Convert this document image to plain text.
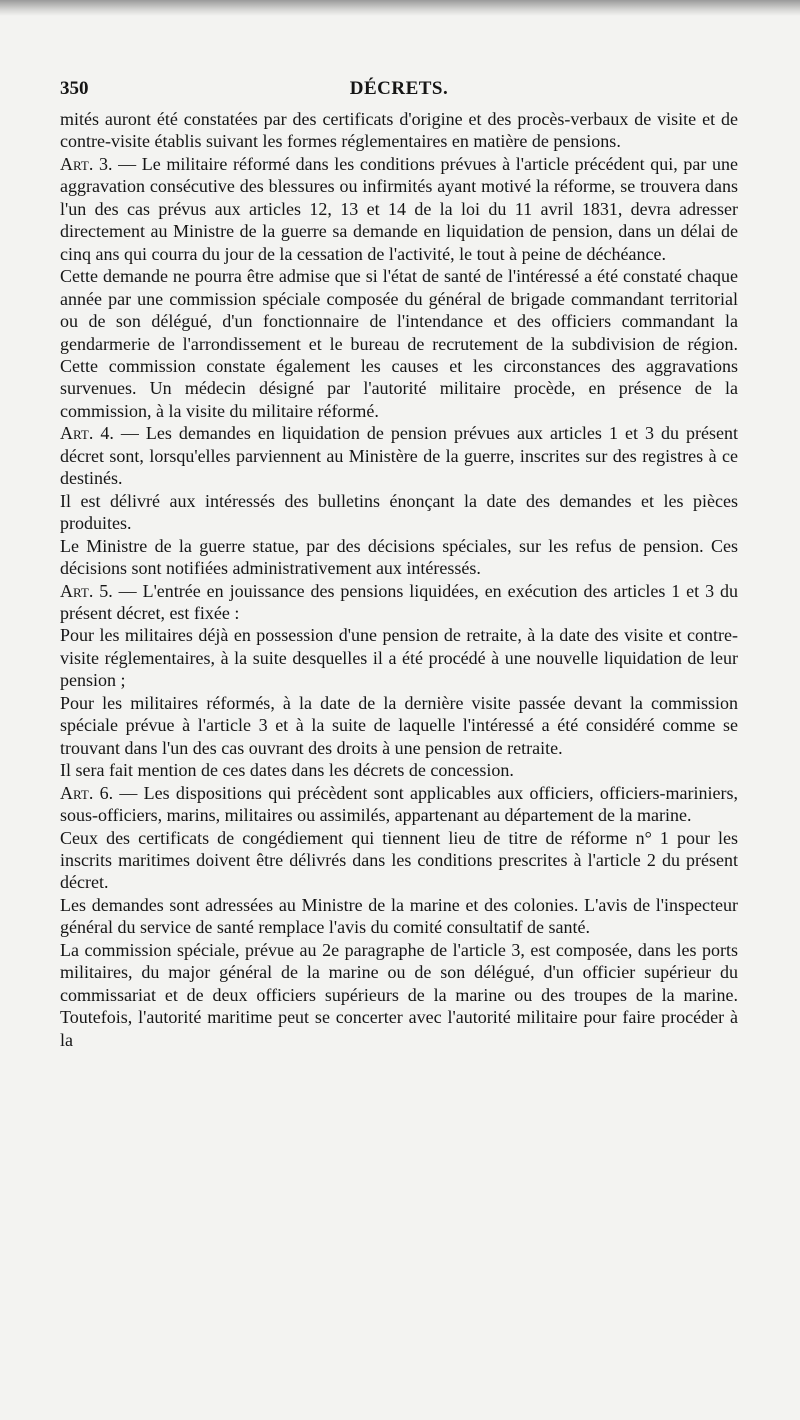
350	DÉCRETS.

mités auront été constatées par des certificats d'origine et des procès-verbaux de visite et de contre-visite établis suivant les formes réglementaires en matière de pensions.

Art. 3. — Le militaire réformé dans les conditions prévues à l'article précédent qui, par une aggravation consécutive des blessures ou infirmités ayant motivé la réforme, se trouvera dans l'un des cas prévus aux articles 12, 13 et 14 de la loi du 11 avril 1831, devra adresser directement au Ministre de la guerre sa demande en liquidation de pension, dans un délai de cinq ans qui courra du jour de la cessation de l'activité, le tout à peine de déchéance.

Cette demande ne pourra être admise que si l'état de santé de l'intéressé a été constaté chaque année par une commission spéciale composée du général de brigade commandant territorial ou de son délégué, d'un fonctionnaire de l'intendance et des officiers commandant la gendarmerie de l'arrondissement et le bureau de recrutement de la subdivision de région. Cette commission constate également les causes et les circonstances des aggravations survenues. Un médecin désigné par l'autorité militaire procède, en présence de la commission, à la visite du militaire réformé.

Art. 4. — Les demandes en liquidation de pension prévues aux articles 1 et 3 du présent décret sont, lorsqu'elles parviennent au Ministère de la guerre, inscrites sur des registres à ce destinés.

Il est délivré aux intéressés des bulletins énonçant la date des demandes et les pièces produites.

Le Ministre de la guerre statue, par des décisions spéciales, sur les refus de pension. Ces décisions sont notifiées administrativement aux intéressés.

Art. 5. — L'entrée en jouissance des pensions liquidées, en exécution des articles 1 et 3 du présent décret, est fixée :

Pour les militaires déjà en possession d'une pension de retraite, à la date des visite et contre-visite réglementaires, à la suite desquelles il a été procédé à une nouvelle liquidation de leur pension ;

Pour les militaires réformés, à la date de la dernière visite passée devant la commission spéciale prévue à l'article 3 et à la suite de laquelle l'intéressé a été considéré comme se trouvant dans l'un des cas ouvrant des droits à une pension de retraite.

Il sera fait mention de ces dates dans les décrets de concession.

Art. 6. — Les dispositions qui précèdent sont applicables aux officiers, officiers-mariniers, sous-officiers, marins, militaires ou assimilés, appartenant au département de la marine.

Ceux des certificats de congédiement qui tiennent lieu de titre de réforme n° 1 pour les inscrits maritimes doivent être délivrés dans les conditions prescrites à l'article 2 du présent décret.

Les demandes sont adressées au Ministre de la marine et des colonies. L'avis de l'inspecteur général du service de santé remplace l'avis du comité consultatif de santé.

La commission spéciale, prévue au 2e paragraphe de l'article 3, est composée, dans les ports militaires, du major général de la marine ou de son délégué, d'un officier supérieur du commissariat et de deux officiers supérieurs de la marine ou des troupes de la marine. Toutefois, l'autorité maritime peut se concerter avec l'autorité militaire pour faire procéder à la
